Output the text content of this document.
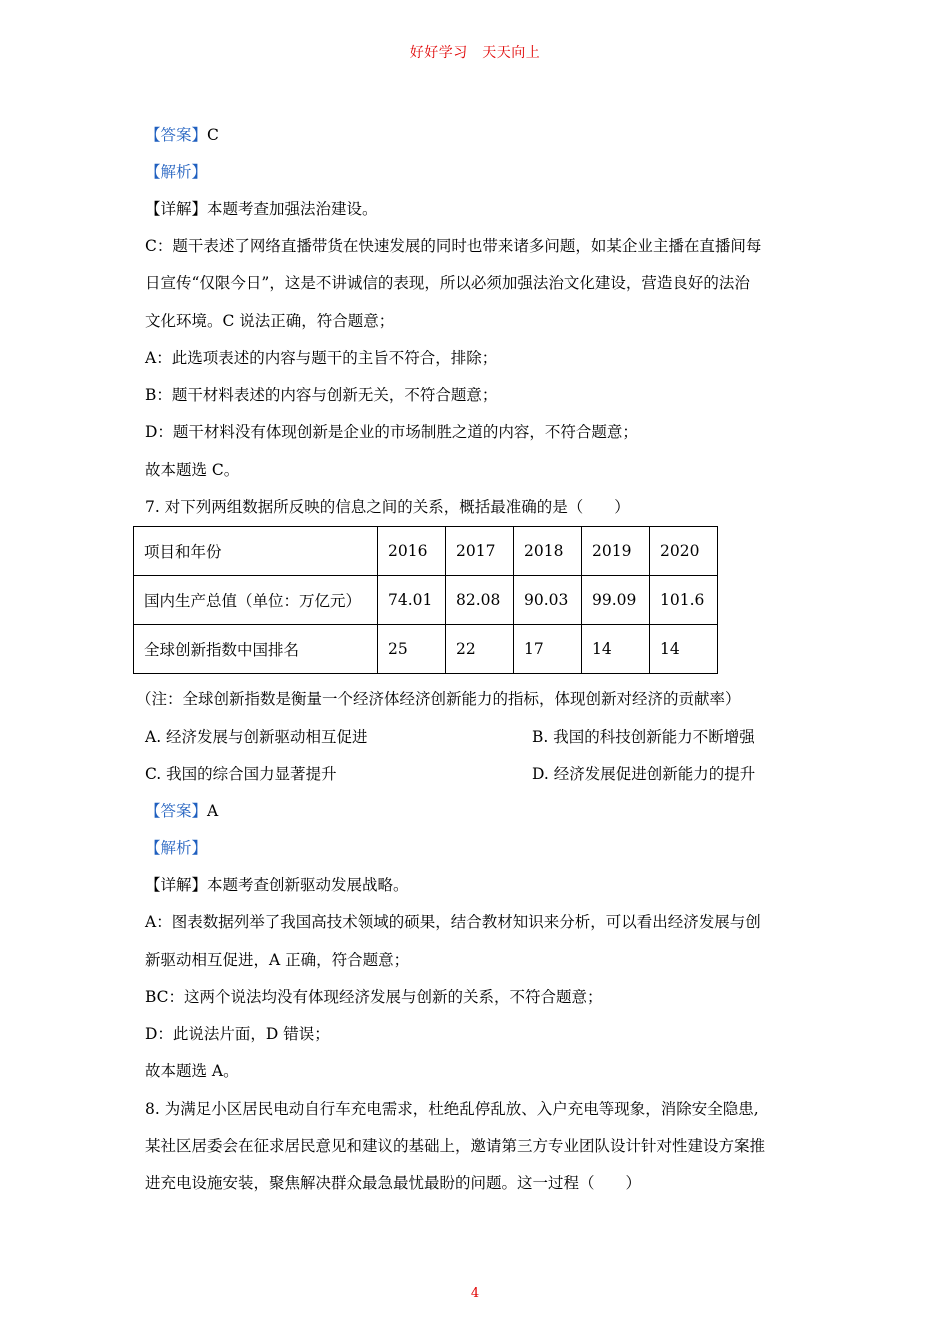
好好学习　天天向上
【答案】C
【解析】
【详解】本题考查加强法治建设。
C：题干表述了网络直播带货在快速发展的同时也带来诸多问题，如某企业主播在直播间每
日宣传“仅限今日”，这是不讲诚信的表现，所以必须加强法治文化建设，营造良好的法治
文化环境。C 说法正确，符合题意；
A：此选项表述的内容与题干的主旨不符合，排除；
B：题干材料表述的内容与创新无关，不符合题意；
D：题干材料没有体现创新是企业的市场制胜之道的内容，不符合题意；
故本题选 C。
7. 对下列两组数据所反映的信息之间的关系，概括最准确的是（　　）
项目和年份	2016	2017	2018	2019	2020
国内生产总值（单位：万亿元）	74.01	82.08	90.03	99.09	101.6
全球创新指数中国排名	25	22	17	14	14
（注：全球创新指数是衡量一个经济体经济创新能力的指标，体现创新对经济的贡献率）
A. 经济发展与创新驱动相互促进	B. 我国的科技创新能力不断增强
C. 我国的综合国力显著提升	D. 经济发展促进创新能力的提升
【答案】A
【解析】
【详解】本题考查创新驱动发展战略。
A：图表数据列举了我国高技术领域的硕果，结合教材知识来分析，可以看出经济发展与创
新驱动相互促进，A 正确，符合题意；
BC：这两个说法均没有体现经济发展与创新的关系，不符合题意；
D：此说法片面，D 错误；
故本题选 A。
8. 为满足小区居民电动自行车充电需求，杜绝乱停乱放、入户充电等现象，消除安全隐患,
某社区居委会在征求居民意见和建议的基础上，邀请第三方专业团队设计针对性建设方案推
进充电设施安装，聚焦解决群众最急最忧最盼的问题。这一过程（　　）
4
